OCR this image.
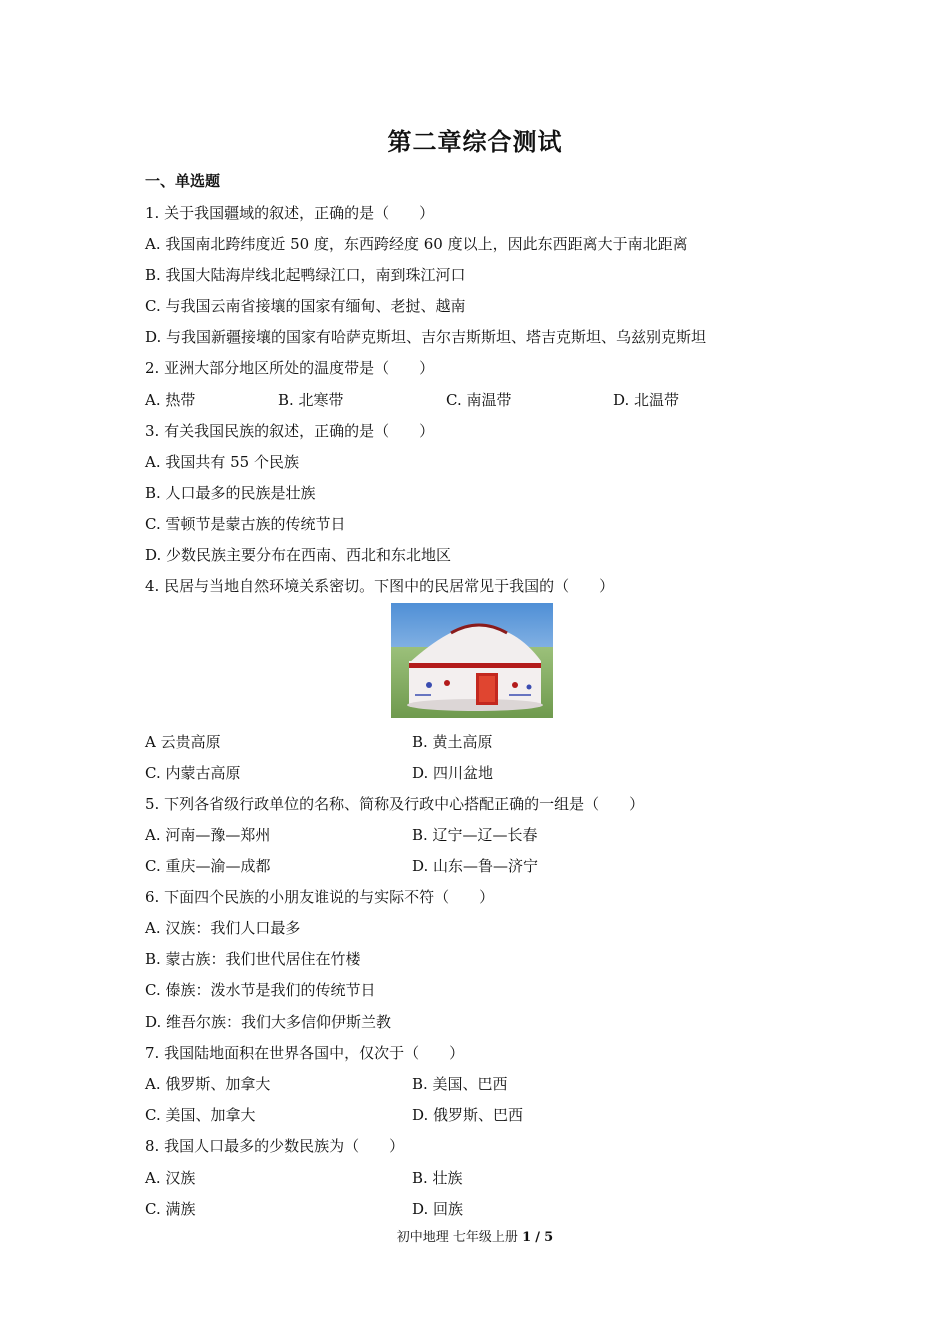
第二章综合测试
一、单选题
1. 关于我国疆域的叙述，正确的是（　　）
A. 我国南北跨纬度近 50 度，东西跨经度 60 度以上，因此东西距离大于南北距离
B. 我国大陆海岸线北起鸭绿江口，南到珠江河口
C. 与我国云南省接壤的国家有缅甸、老挝、越南
D. 与我国新疆接壤的国家有哈萨克斯坦、吉尔吉斯斯坦、塔吉克斯坦、乌兹别克斯坦
2. 亚洲大部分地区所处的温度带是（　　）
A. 热带	B. 北寒带	C. 南温带	D. 北温带
3. 有关我国民族的叙述，正确的是（　　）
A. 我国共有 55 个民族
B. 人口最多的民族是壮族
C. 雪顿节是蒙古族的传统节日
D. 少数民族主要分布在西南、西北和东北地区
4. 民居与当地自然环境关系密切。下图中的民居常见于我国的（　　）
A 云贵高原	B. 黄土高原
C. 内蒙古高原	D. 四川盆地
5. 下列各省级行政单位的名称、简称及行政中心搭配正确的一组是（　　）
A. 河南—豫—郑州	B. 辽宁—辽—长春
C. 重庆—渝—成都	D. 山东—鲁—济宁
6. 下面四个民族的小朋友谁说的与实际不符（　　）
A. 汉族：我们人口最多
B. 蒙古族：我们世代居住在竹楼
C. 傣族：泼水节是我们的传统节日
D. 维吾尔族：我们大多信仰伊斯兰教
7. 我国陆地面积在世界各国中，仅次于（　　）
A. 俄罗斯、加拿大	B. 美国、巴西
C. 美国、加拿大	D. 俄罗斯、巴西
8. 我国人口最多的少数民族为（　　）
A. 汉族	B. 壮族
C. 满族	D. 回族
初中地理 七年级上册 1 / 5
